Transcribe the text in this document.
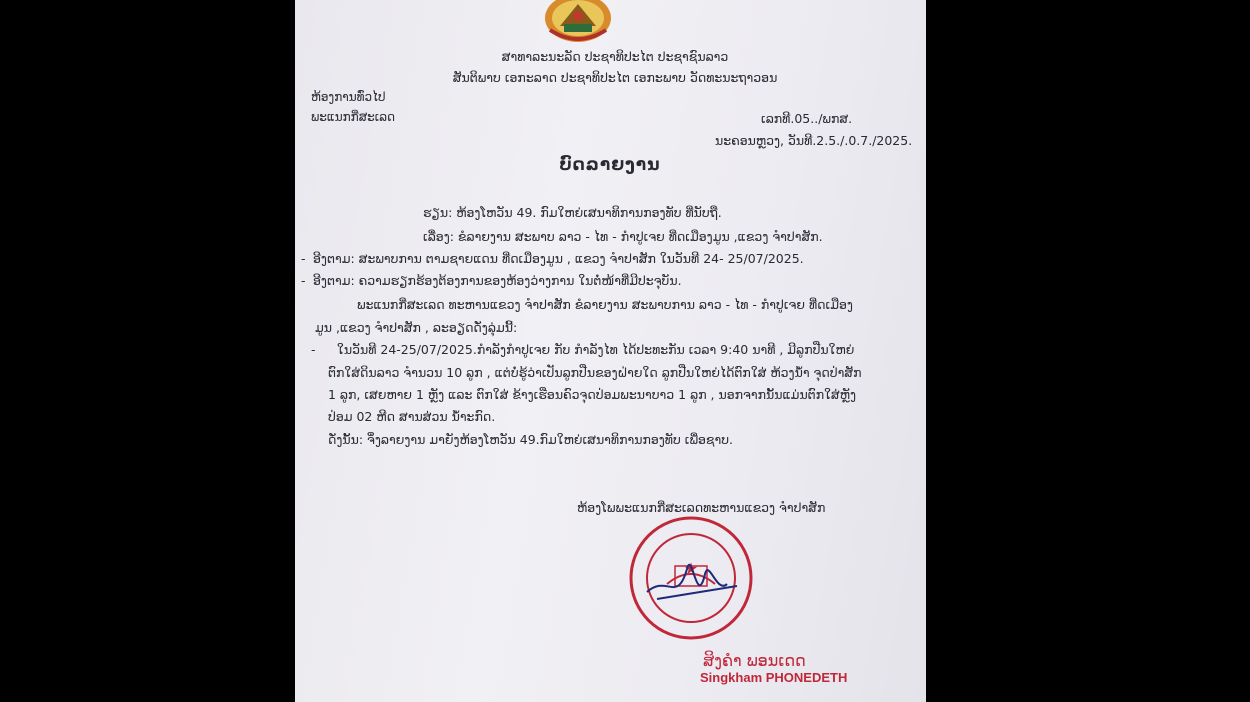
ສາທາລະນະລັດ ປະຊາທິປະໄຕ ປະຊາຊົນລາວ
ສັນຕິພາບ ເອກະລາດ ປະຊາທິປະໄຕ ເອກະພາບ ວັດທະນະຖາວອນ
ຫ້ອງການທົ່ວໄປ
ພະແນກກີ່ສະເລດ	ເລກທີ.05../ພກສ.
ນະຄອນຫຼວງ, ວັນທີ.2.5./.0.7./2025.
ບົດລາຍງານ
ຮຽນ: ຫ້ອງໂຫວັນ 49. ກົມໃຫຍ່ເສນາທິການກອງທັບ ທີ່ນັບຖື.
ເລື່ອງ: ຂໍລາຍງານ ສະພາບ ລາວ - ໄທ - ກຳປູເຈຍ ທີ່ດເມືອງມູນ ,ແຂວງ ຈໍາປາສັກ.
- ອີງຕາມ: ສະພາບການ ຕາມຊາຍແດນ ທີ່ດເມືອງມູນ , ແຂວງ ຈໍາປາສັກ ໃນວັນທີ 24- 25/07/2025.
- ອີງຕາມ: ຄວາມຮຽກຮ້ອງຕ້ອງການຂອງຫ້ອງວ່າງການ ໃນຕໍ່ໜ້າທີ່ມີປະຈຸບັນ.
ພະແນກກີ່ສະເລດ ທະຫານແຂວງ ຈໍາປາສັກ ຂໍລາຍງານ ສະພາບການ ລາວ - ໄທ - ກຳປູເຈຍ ທີ່ດເມືອງ
ມູນ ,ແຂວງ ຈໍາປາສັກ , ລະອຽດດັ່ງລຸ່ມນີ້:
- ໃນວັນທີ 24-25/07/2025.ກໍາລັງກໍາປູເຈຍ ກັບ ກໍາລັງໄທ ໄດ້ປະທະກັນ ເວລາ 9:40 ນາທີ , ມີລູກປືນໃຫຍ່
ຕົກໃສ່ດິນລາວ ຈໍານວນ 10 ລູກ , ແຕ່ບໍ່ຮູ້ວ່າເປັນລູກປືນຂອງຝ່າຍໃດ ລູກປືນໃຫຍ່ໄດ້ຕົກໃສ່ ຫ້ວງນໍ້າ ຈຸດປ່າສັກ
1 ລູກ, ເສຍຫາຍ 1 ຫຼັງ ແລະ ຕົກໃສ່ ຂ້າງເຮືອນຄົວຈຸດປ່ອມພະນາບາວ 1 ລູກ , ນອກຈາກນັ້ນແມ່ນຕົກໃສ່ຫຼັງ
ປ່ອມ 02 ຫີດ ສານສ່ວນ ນໍ້າະກົດ.
ດັ່ງນັ້ນ: ຈຶ່ງລາຍງານ ມາຍັງຫ້ອງໂຫວັນ 49.ກົມໃຫຍ່ເສນາທິການກອງທັບ ເພື່ອຊາບ.
ຫ້ອງໂພພະແນກກີ່ສະເລດທະຫານແຂວງ ຈໍາປາສັກ
★
ສິງຄໍາ ພອນເດດ
Singkham PHONEDETH
